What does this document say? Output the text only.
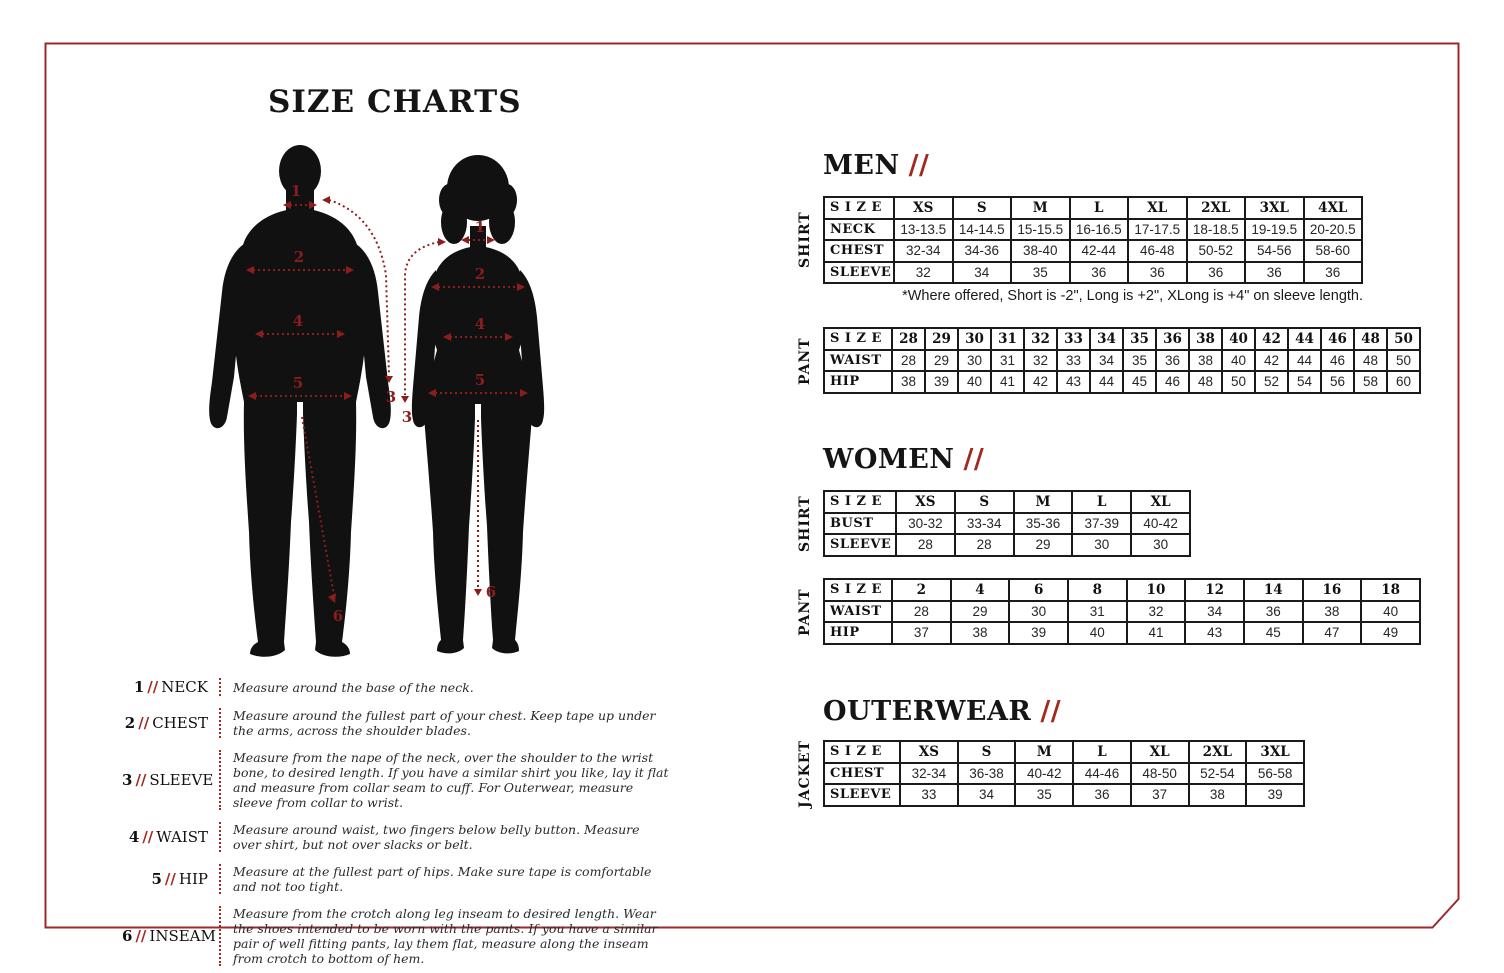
SIZE CHARTS
1
2
3
4
5
6
1
2
3
4
5
6
1 // NECK	Measure around the base of the neck.
2 // CHEST	Measure around the fullest part of your chest. Keep tape up under the arms, across the shoulder blades.
3 // SLEEVE
Measure from the nape of the neck, over the shoulder to the wrist bone, to desired length. If you have a similar shirt you like, lay it flat and measure from collar seam to cuff. For Outerwear, measure sleeve from collar to wrist.
4 // WAIST	Measure around waist, two fingers below belly button. Measure over shirt, but not over slacks or belt.
5 // HIP	Measure at the fullest part of hips. Make sure tape is comfortable and not too tight.
6 // INSEAM
Measure from the crotch along leg inseam to desired length. Wear the shoes intended to be worn with the pants. If you have a similar pair of well fitting pants, lay them flat, measure along the inseam from crotch to bottom of hem.
MEN //
SHIRT
S I Z E	XS	S	M	L	XL	2XL	3XL	4XL
NECK	13-13.5	14-14.5	15-15.5	16-16.5	17-17.5	18-18.5	19-19.5	20-20.5
CHEST	32-34	34-36	38-40	42-44	46-48	50-52	54-56	58-60
SLEEVE	32	34	35	36	36	36	36	36
*Where offered, Short is -2", Long is +2", XLong is +4" on sleeve length.
PANT S I Z E	28	29	30	31	32	33	34	35	36	38	40	42	44	46	48	50
WAIST	28	29	30	31	32	33	34	35	36	38	40	42	44	46	48	50
HIP	38	39	40	41	42	43	44	45	46	48	50	52	54	56	58	60
WOMEN //
SHIRT S I Z E	XS	S	M	L	XL
BUST	30-32	33-34	35-36	37-39	40-42
SLEEVE	28	28	29	30	30
PANT S I Z E	2	4	6	8	10	12	14	16	18
WAIST	28	29	30	31	32	34	36	38	40
HIP	37	38	39	40	41	43	45	47	49
OUTERWEAR //
JACKET S I Z E	XS	S	M	L	XL	2XL	3XL
CHEST	32-34	36-38	40-42	44-46	48-50	52-54	56-58
SLEEVE	33	34	35	36	37	38	39
